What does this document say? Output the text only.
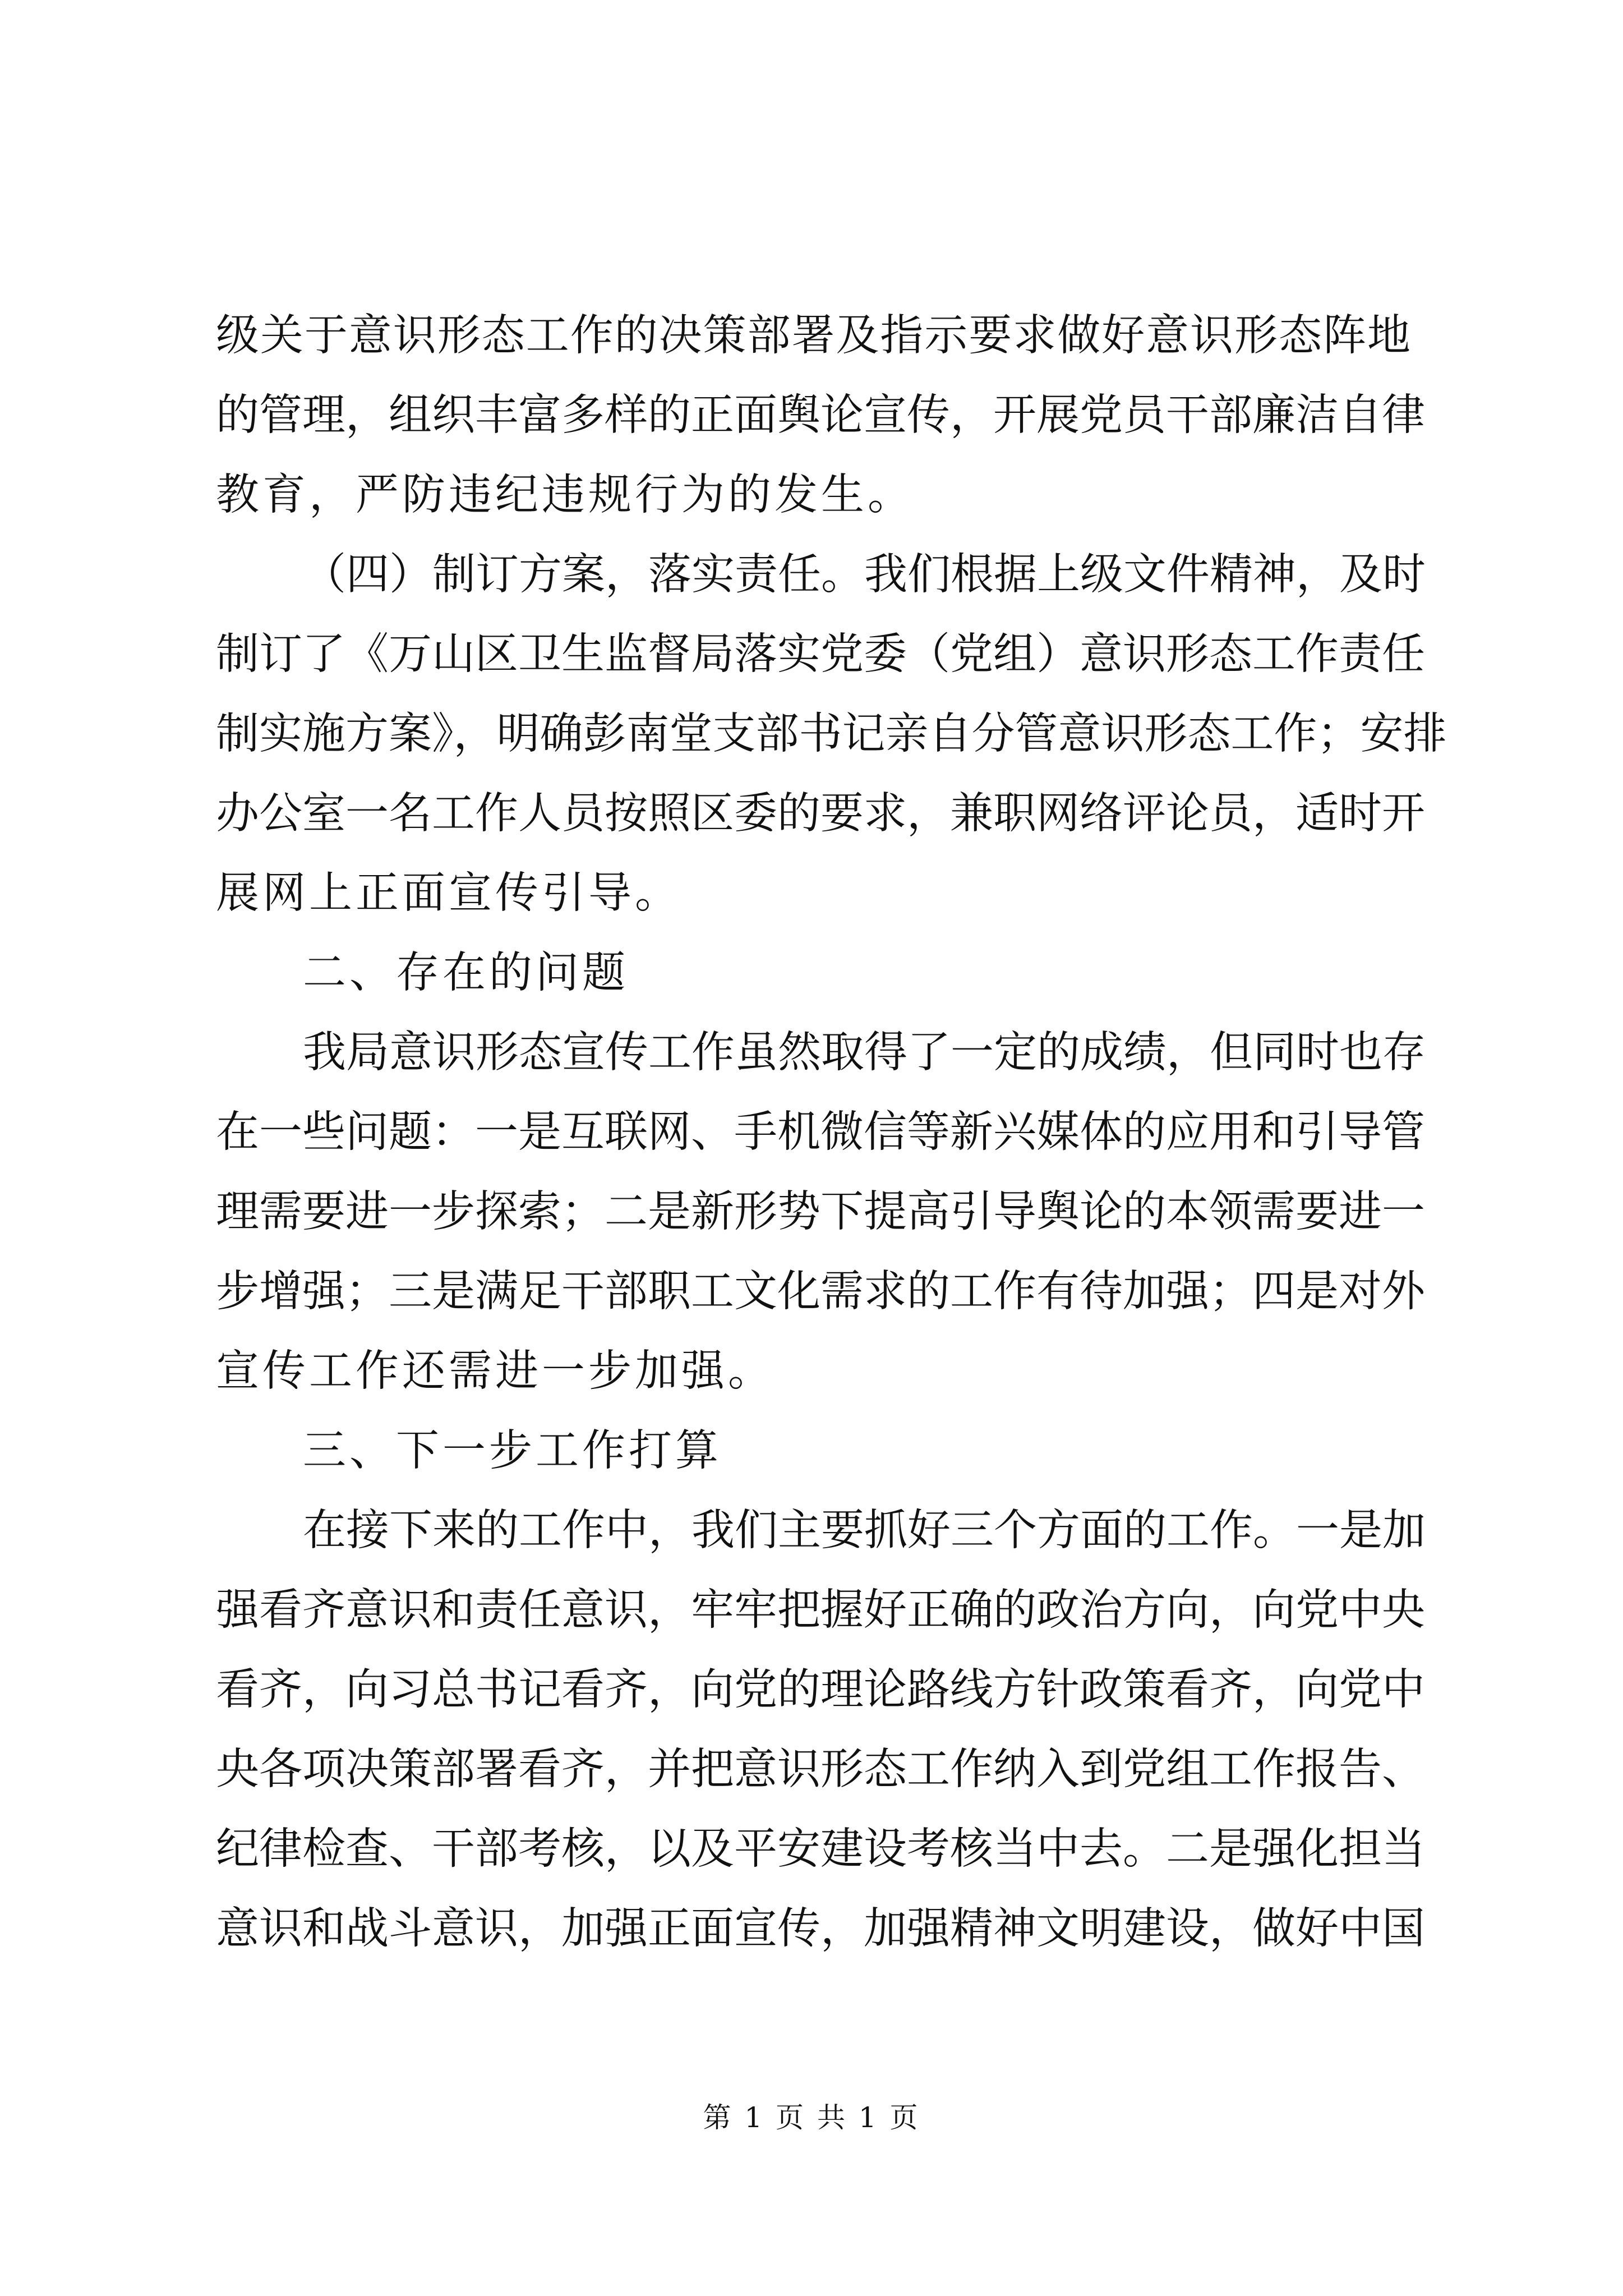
级关于意识形态工作的决策部署及指示要求做好意识形态阵地
的管理，组织丰富多样的正面舆论宣传，开展党员干部廉洁自律
教育，严防违纪违规行为的发生。
（四）制订方案，落实责任。我们根据上级文件精神，及时
制订了《万山区卫生监督局落实党委（党组）意识形态工作责任
制实施方案》，明确彭南堂支部书记亲自分管意识形态工作；安排
办公室一名工作人员按照区委的要求，兼职网络评论员，适时开
展网上正面宣传引导。
二、存在的问题
我局意识形态宣传工作虽然取得了一定的成绩，但同时也存
在一些问题：一是互联网、手机微信等新兴媒体的应用和引导管
理需要进一步探索；二是新形势下提高引导舆论的本领需要进一
步增强；三是满足干部职工文化需求的工作有待加强；四是对外
宣传工作还需进一步加强。
三、下一步工作打算
在接下来的工作中，我们主要抓好三个方面的工作。一是加
强看齐意识和责任意识，牢牢把握好正确的政治方向，向党中央
看齐，向习总书记看齐，向党的理论路线方针政策看齐，向党中
央各项决策部署看齐，并把意识形态工作纳入到党组工作报告、
纪律检查、干部考核，以及平安建设考核当中去。二是强化担当
意识和战斗意识，加强正面宣传，加强精神文明建设，做好中国
第 1 页 共 1 页
